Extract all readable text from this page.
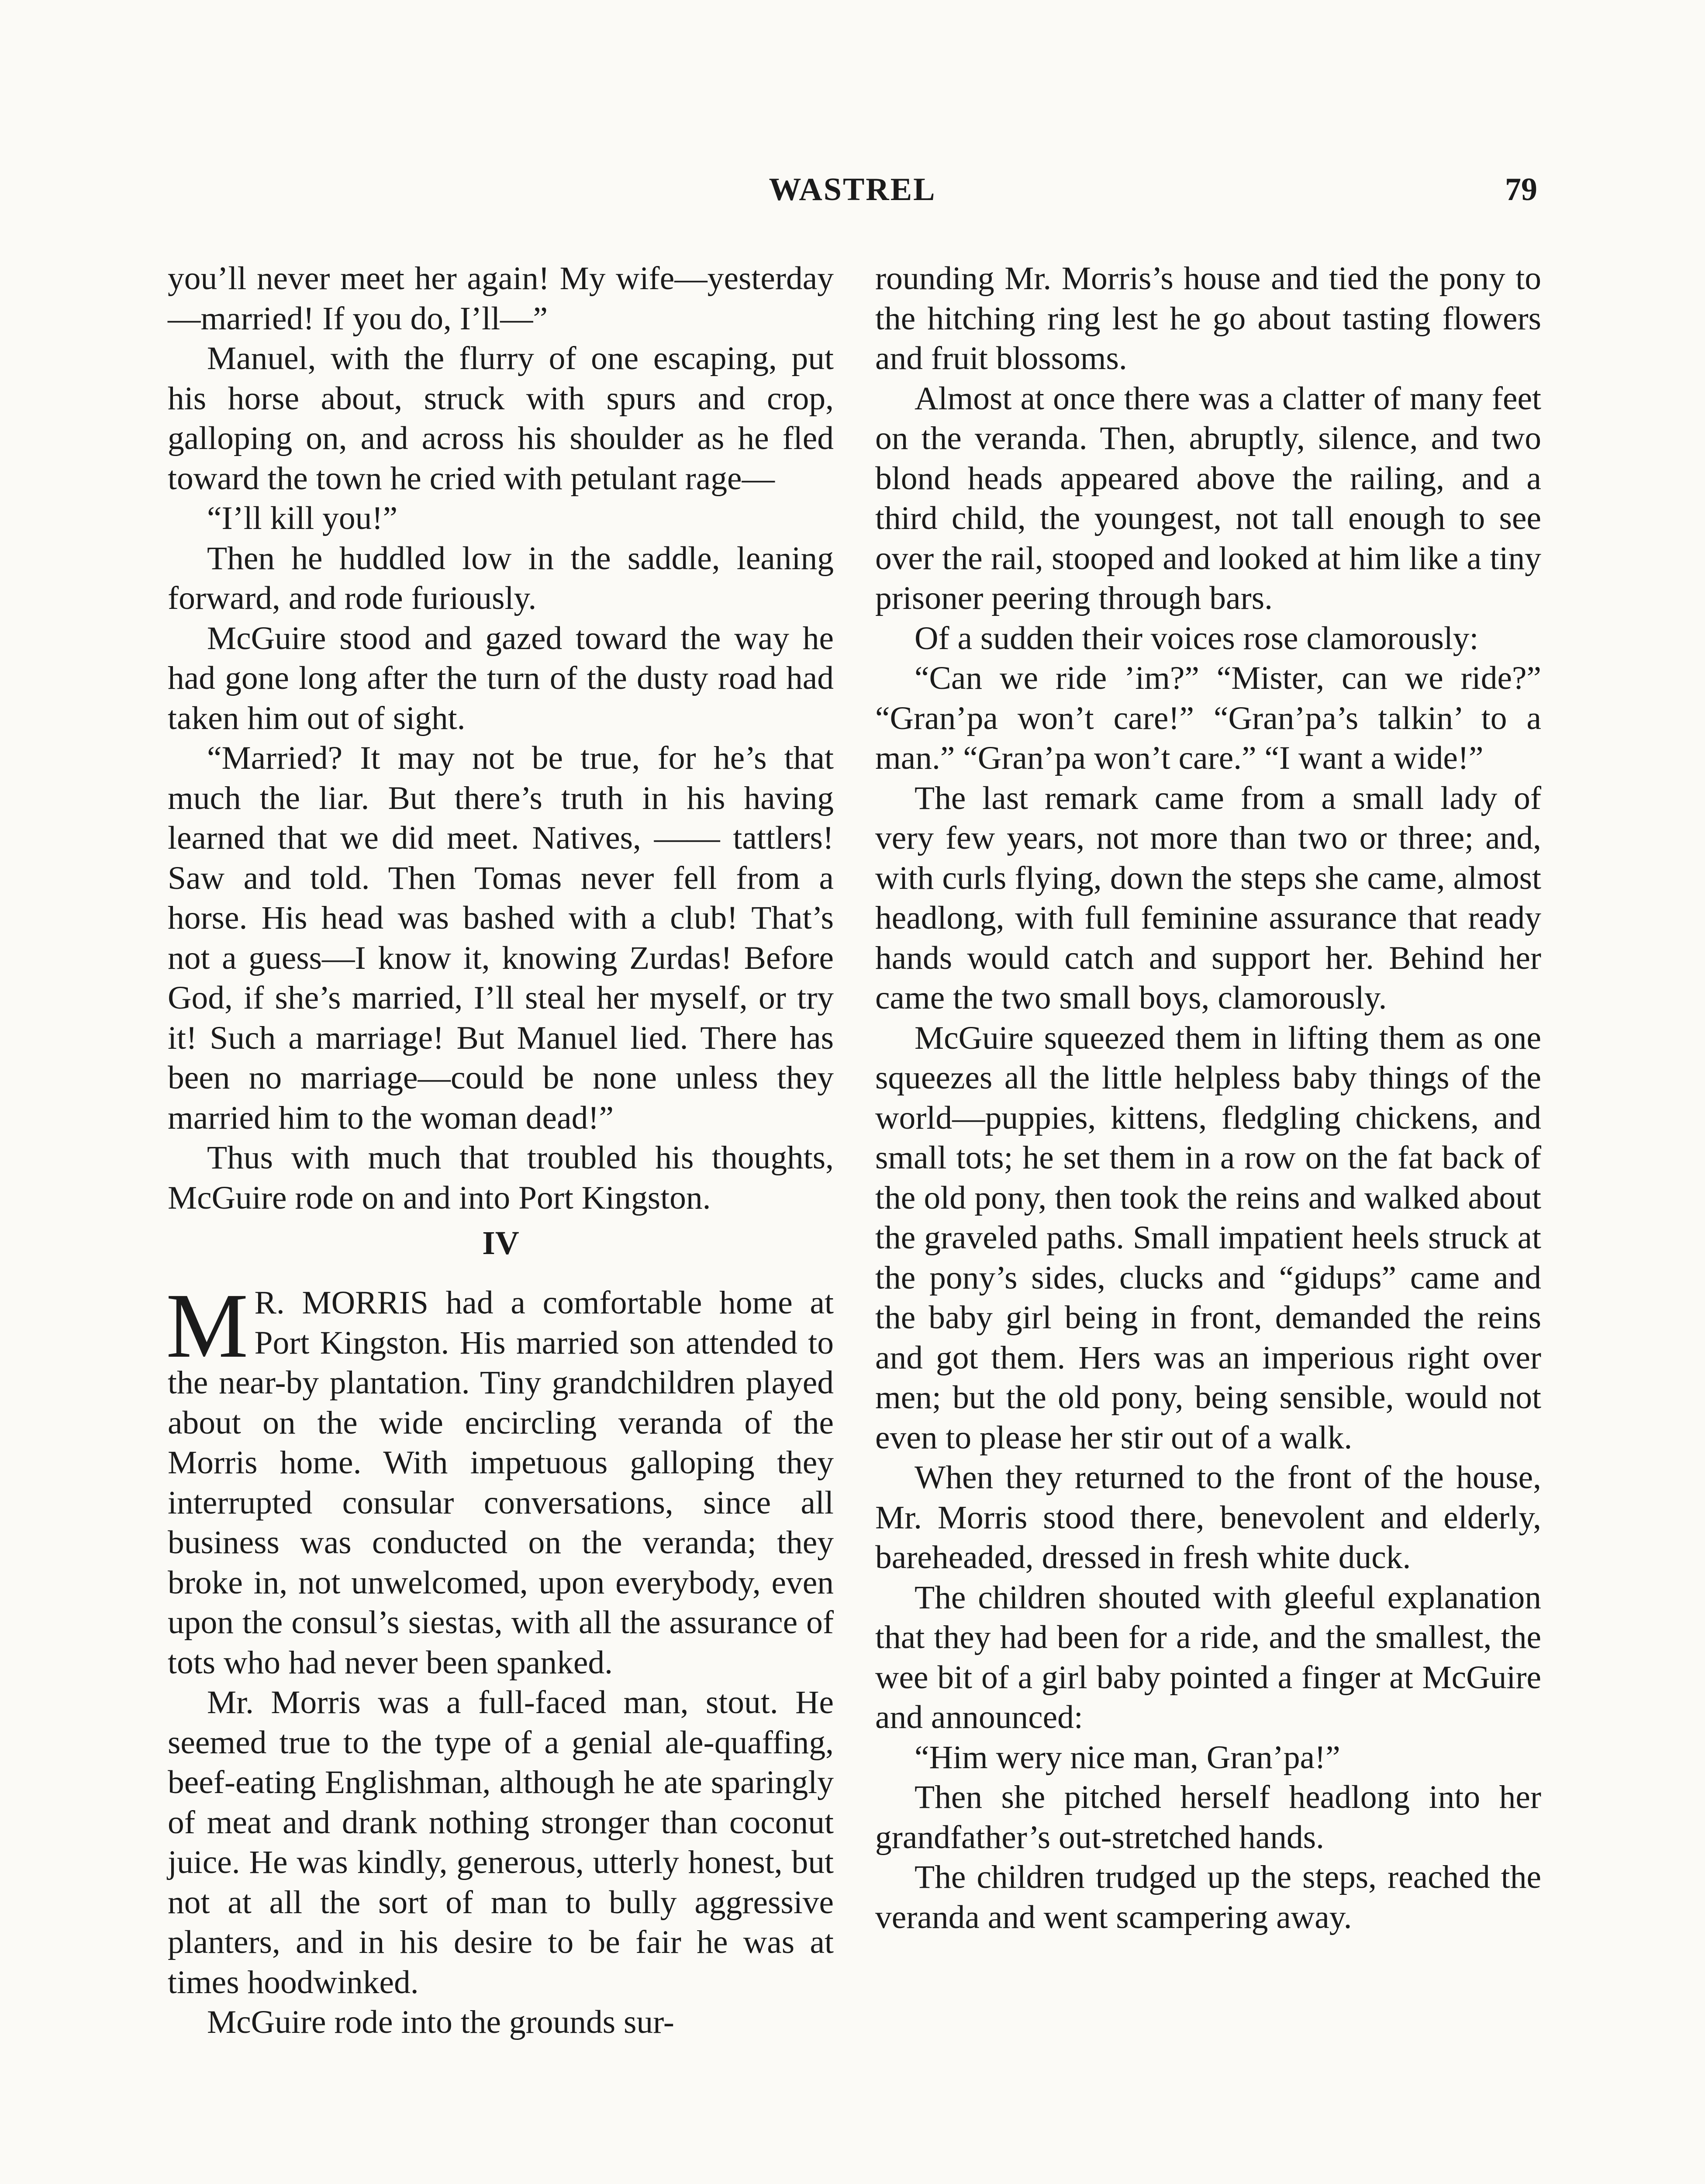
WASTREL	79

you’ll never meet her again! My wife—yesterday—married! If you do, I’ll—”

Manuel, with the flurry of one escaping, put his horse about, struck with spurs and crop, galloping on, and across his shoulder as he fled toward the town he cried with petulant rage—

“I’ll kill you!”

Then he huddled low in the saddle, leaning forward, and rode furiously.

McGuire stood and gazed toward the way he had gone long after the turn of the dusty road had taken him out of sight.

“Married? It may not be true, for he’s that much the liar. But there’s truth in his having learned that we did meet. Natives, —— tattlers! Saw and told. Then Tomas never fell from a horse. His head was bashed with a club! That’s not a guess—I know it, knowing Zurdas! Before God, if she’s married, I’ll steal her myself, or try it! Such a marriage! But Manuel lied. There has been no marriage—could be none unless they married him to the woman dead!”

Thus with much that troubled his thoughts, McGuire rode on and into Port Kingston.

IV

M R. MORRIS had a comfortable home at Port Kingston. His married son attended to the near-by plantation. Tiny grandchildren played about on the wide encircling veranda of the Morris home. With impetuous galloping they interrupted consular conversations, since all business was conducted on the veranda; they broke in, not unwelcomed, upon everybody, even upon the consul’s siestas, with all the assurance of tots who had never been spanked.

Mr. Morris was a full-faced man, stout. He seemed true to the type of a genial ale-quaffing, beef-eating Englishman, although he ate sparingly of meat and drank nothing stronger than coconut juice. He was kindly, generous, utterly honest, but not at all the sort of man to bully aggressive planters, and in his desire to be fair he was at times hoodwinked.

McGuire rode into the grounds sur-

rounding Mr. Morris’s house and tied the pony to the hitching ring lest he go about tasting flowers and fruit blossoms.

Almost at once there was a clatter of many feet on the veranda. Then, abruptly, silence, and two blond heads appeared above the railing, and a third child, the youngest, not tall enough to see over the rail, stooped and looked at him like a tiny prisoner peering through bars.

Of a sudden their voices rose clamorously:

“Can we ride ’im?” “Mister, can we ride?” “Gran’pa won’t care!” “Gran’pa’s talkin’ to a man.” “Gran’pa won’t care.” “I want a wide!”

The last remark came from a small lady of very few years, not more than two or three; and, with curls flying, down the steps she came, almost headlong, with full feminine assurance that ready hands would catch and support her. Behind her came the two small boys, clamorously.

McGuire squeezed them in lifting them as one squeezes all the little helpless baby things of the world—puppies, kittens, fledgling chickens, and small tots; he set them in a row on the fat back of the old pony, then took the reins and walked about the graveled paths. Small impatient heels struck at the pony’s sides, clucks and “gidups” came and the baby girl being in front, demanded the reins and got them. Hers was an imperious right over men; but the old pony, being sensible, would not even to please her stir out of a walk.

When they returned to the front of the house, Mr. Morris stood there, benevolent and elderly, bareheaded, dressed in fresh white duck.

The children shouted with gleeful explanation that they had been for a ride, and the smallest, the wee bit of a girl baby pointed a finger at McGuire and announced:

“Him wery nice man, Gran’pa!”

Then she pitched herself headlong into her grandfather’s out-stretched hands.

The children trudged up the steps, reached the veranda and went scampering away.
